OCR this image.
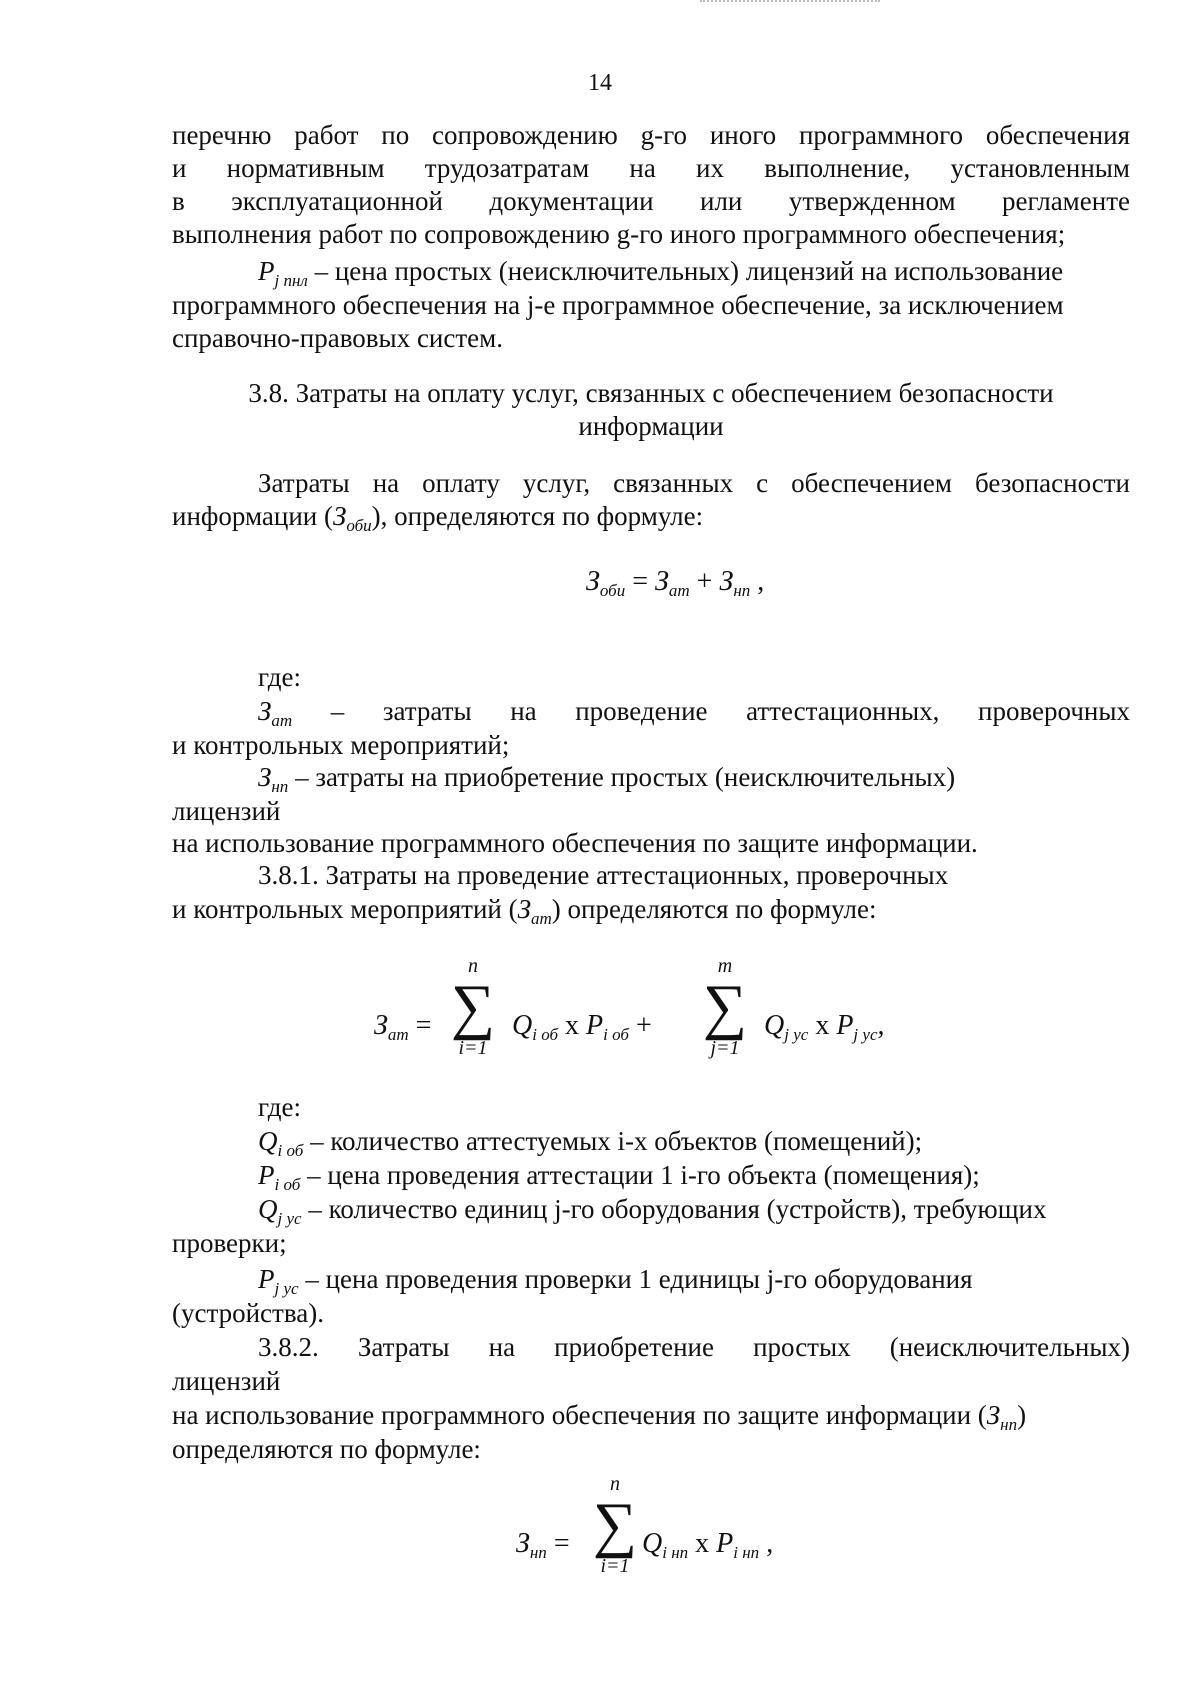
14
перечню работ по сопровождению g-го иного программного обеспечения
и нормативным трудозатратам на их выполнение, установленным
в эксплуатационной документации или утвержденном регламенте
выполнения работ по сопровождению g-го иного программного обеспечения;
$P_{j пнл}$ – цена простых (неисключительных) лицензий на использование
программного обеспечения на j-е программное обеспечение, за исключением
справочно-правовых систем.
3.8. Затраты на оплату услуг, связанных с обеспечением безопасности
информации
Затраты на оплату услуг, связанных с обеспечением безопасности
информации $(З_{оби})$, определяются по формуле:
$З_{оби} = З_{ат} + З_{нп}$ ,
где:
$З_{ат}$ – затраты на проведение аттестационных, проверочных
и контрольных мероприятий;
$З_{нп}$ – затраты на приобретение простых (неисключительных)
лицензий
на использование программного обеспечения по защите информации.
3.8.1. Затраты на проведение аттестационных, проверочных
и контрольных мероприятий $(З_{ат})$ определяются по формуле:
$З_{ат}$ =
n
∑
i=1
$Q_{i об}$ x $P_{i об}$ +
m
∑
j=1
$Q_{j ус}$ x $P_{j ус}$,
где:
$Q_{i об}$ – количество аттестуемых i-х объектов (помещений);
$P_{i об}$ – цена проведения аттестации 1 i-го объекта (помещения);
$Q_{j ус}$ – количество единиц j-го оборудования (устройств), требующих
проверки;
$P_{j ус}$ – цена проведения проверки 1 единицы j-го оборудования
(устройства).
3.8.2. Затраты на приобретение простых (неисключительных)
лицензий
на использование программного обеспечения по защите информации $(З_{нп})$
определяются по формуле:
$З_{нп}$ =
n
∑
i=1
$Q_{i нп}$ x $P_{i нп}$ ,
